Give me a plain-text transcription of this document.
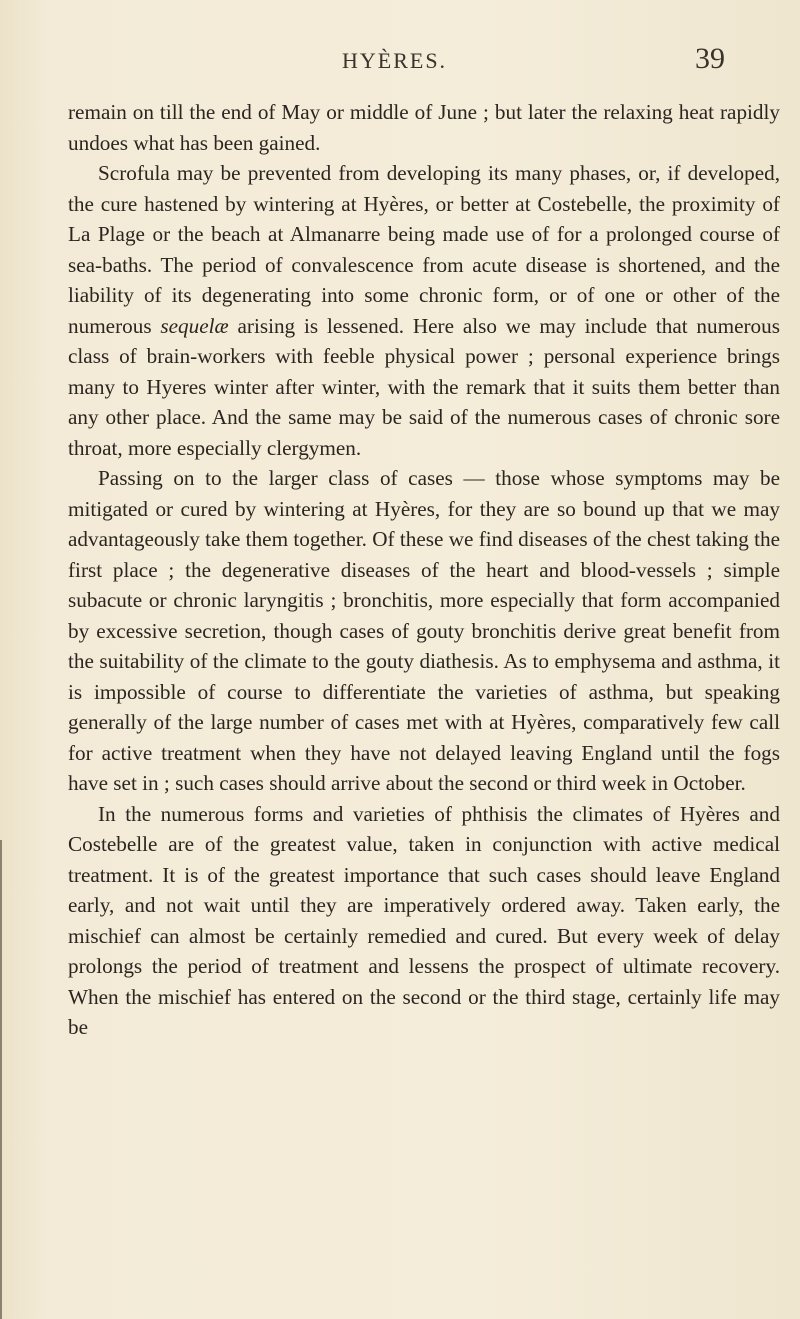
HYÈRES.	39

remain on till the end of May or middle of June ; but later the relaxing heat rapidly undoes what has been gained.

Scrofula may be prevented from developing its many phases, or, if developed, the cure hastened by wintering at Hyères, or better at Costebelle, the proximity of La Plage or the beach at Almanarre being made use of for a prolonged course of sea-baths. The period of convalescence from acute disease is shortened, and the liability of its degenerating into some chronic form, or of one or other of the numerous sequelæ arising is lessened. Here also we may include that numerous class of brain-workers with feeble physical power ; personal experience brings many to Hyeres winter after winter, with the remark that it suits them better than any other place. And the same may be said of the numerous cases of chronic sore throat, more especially clergymen.

Passing on to the larger class of cases — those whose symptoms may be mitigated or cured by wintering at Hyères, for they are so bound up that we may advantageously take them together. Of these we find diseases of the chest taking the first place ; the degenerative diseases of the heart and blood-vessels ; simple subacute or chronic laryngitis ; bronchitis, more especially that form accompanied by excessive secretion, though cases of gouty bronchitis derive great benefit from the suitability of the climate to the gouty diathesis. As to emphysema and asthma, it is impossible of course to differentiate the varieties of asthma, but speaking generally of the large number of cases met with at Hyères, comparatively few call for active treatment when they have not delayed leaving England until the fogs have set in ; such cases should arrive about the second or third week in October.

In the numerous forms and varieties of phthisis the climates of Hyères and Costebelle are of the greatest value, taken in conjunction with active medical treatment. It is of the greatest importance that such cases should leave England early, and not wait until they are imperatively ordered away. Taken early, the mischief can almost be certainly remedied and cured. But every week of delay prolongs the period of treatment and lessens the prospect of ultimate recovery. When the mischief has entered on the second or the third stage, certainly life may be
